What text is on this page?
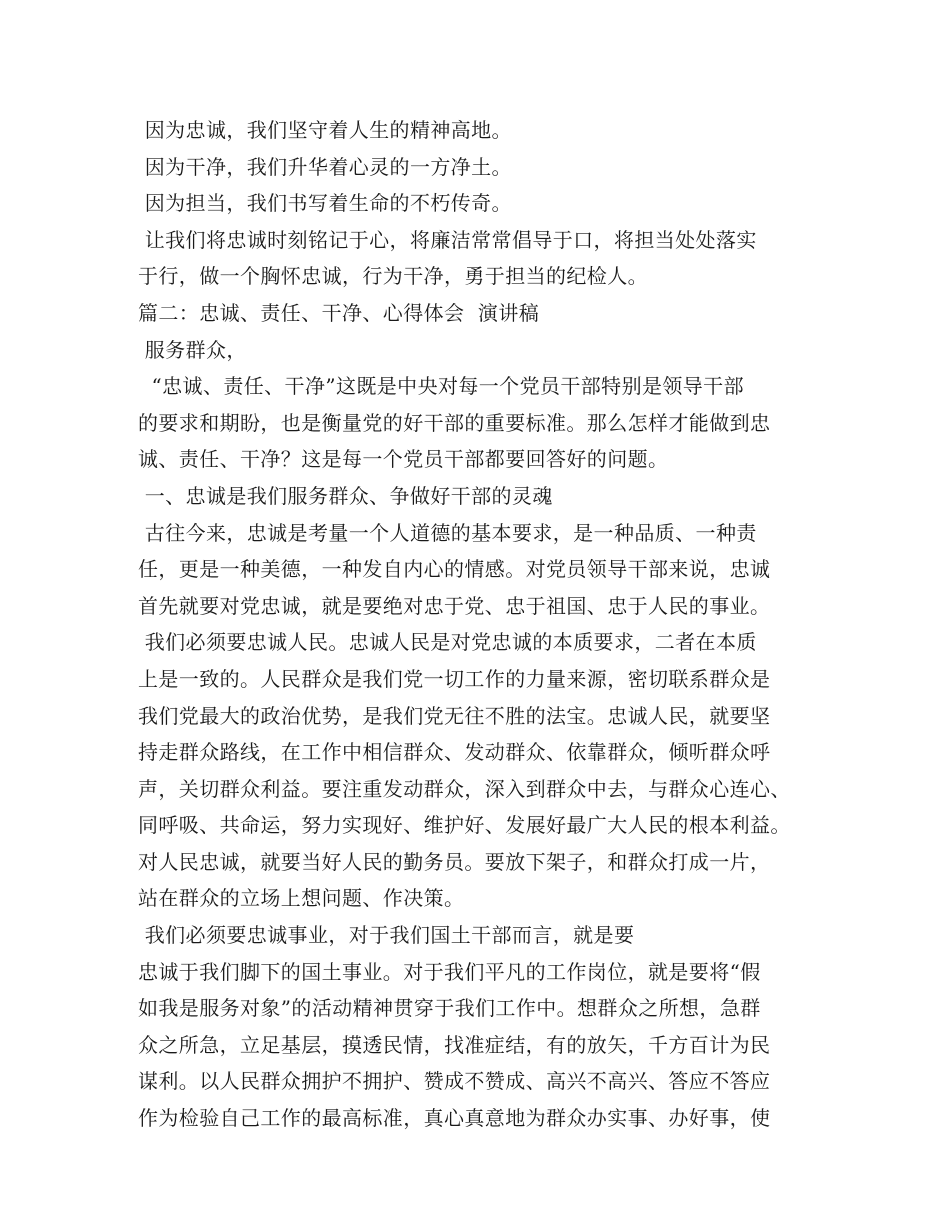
因为忠诚，我们坚守着人生的精神高地。
因为干净，我们升华着心灵的一方净土。
因为担当，我们书写着生命的不朽传奇。
让我们将忠诚时刻铭记于心，将廉洁常常倡导于口，将担当处处落实
于行，做一个胸怀忠诚，行为干净，勇于担当的纪检人。
篇二：忠诚、责任、干净、心得体会  演讲稿
服务群众，
“忠诚、责任、干净”这既是中央对每一个党员干部特别是领导干部
的要求和期盼，也是衡量党的好干部的重要标准。那么怎样才能做到忠
诚、责任、干净？这是每一个党员干部都要回答好的问题。
一、忠诚是我们服务群众、争做好干部的灵魂
古往今来，忠诚是考量一个人道德的基本要求，是一种品质、一种责
任，更是一种美德，一种发自内心的情感。对党员领导干部来说，忠诚
首先就要对党忠诚，就是要绝对忠于党、忠于祖国、忠于人民的事业。
我们必须要忠诚人民。忠诚人民是对党忠诚的本质要求，二者在本质
上是一致的。人民群众是我们党一切工作的力量来源，密切联系群众是
我们党最大的政治优势，是我们党无往不胜的法宝。忠诚人民，就要坚
持走群众路线，在工作中相信群众、发动群众、依靠群众，倾听群众呼
声，关切群众利益。要注重发动群众，深入到群众中去，与群众心连心、
同呼吸、共命运，努力实现好、维护好、发展好最广大人民的根本利益。
对人民忠诚，就要当好人民的勤务员。要放下架子，和群众打成一片，
站在群众的立场上想问题、作决策。
我们必须要忠诚事业，对于我们国土干部而言，就是要
忠诚于我们脚下的国土事业。对于我们平凡的工作岗位，就是要将“假
如我是服务对象”的活动精神贯穿于我们工作中。想群众之所想，急群
众之所急，立足基层，摸透民情，找准症结，有的放矢，千方百计为民
谋利。以人民群众拥护不拥护、赞成不赞成、高兴不高兴、答应不答应
作为检验自己工作的最高标准，真心真意地为群众办实事、办好事，使
